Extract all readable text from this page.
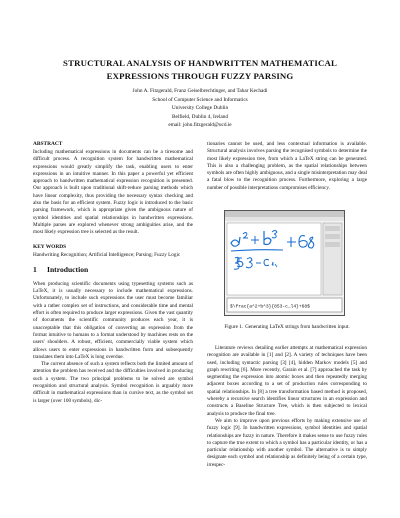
STRUCTURAL ANALYSIS OF HANDWRITTEN MATHEMATICAL
EXPRESSIONS THROUGH FUZZY PARSING
John A. Fitzgerald, Franz Geiselbrechtinger, and Tahar Kechadi
School of Computer Science and Informatics
University College Dublin
Belfield, Dublin 4, Ireland
email: john.fitzgerald@ucd.ie
ABSTRACT

Including mathematical expressions in documents can be a tiresome and difficult process. A recognition system for handwritten mathematical expressions would greatly simplify the task, enabling users to enter expressions in an intuitive manner. In this paper a powerful yet efficient approach to handwritten mathematical expression recognition is presented. Our approach is built upon traditional shift-reduce parsing methods which have linear complexity, thus providing the necessary syntax checking and also the basis for an efficient system. Fuzzy logic is introduced to the basic parsing framework, which is appropriate given the ambiguous nature of symbol identities and spatial relationships in handwritten expressions. Multiple parses are explored whenever strong ambiguities arise, and the most likely expression tree is selected as the result.

KEY WORDS

Handwriting Recognition; Artificial Intelligence; Parsing; Fuzzy Logic

1 Introduction

When producing scientific documents using typesetting systems such as LaTeX, it is usually necessary to include mathematical expressions. Unfortunately, to include such expressions the user must become familiar with a rather complex set of instructions, and considerable time and mental effort is often required to produce larger expressions. Given the vast quantity of documents the scientific community produces each year, it is unacceptable that this obligation of converting an expression from the format intuitive to humans to a format understood by machines rests on the users' shoulders. A robust, efficient, commercially viable system which allows users to enter expressions in handwritten form and subsequently translates them into LaTeX is long overdue.

The current absence of such a system reflects both the limited amount of attention the problem has received and the difficulties involved in producing such a system. The two principal problems to be solved are symbol recognition and structural analysis. Symbol recognition is arguably more difficult in mathematical expressions than in cursive text, as the symbol set is larger (over 100 symbols), dic-

tionaries cannot be used, and less contextual information is available. Structural analysis involves parsing the recognised symbols to determine the most likely expression tree, from which a LaTeX string can be generated. This is also a challenging problem, as the spatial relationships between symbols are often highly ambiguous, and a single misinterpretation may deal a fatal blow to the recognition process. Furthermore, exploring a large number of possible interpretations compromises efficiency.

$\frac{a^2+b^3}{853-c_l4}+68$
Figure 1. Generating LaTeX strings from handwritten input.

Literature reviews detailing earlier attempts at mathematical expression recognition are available in [1] and [2]. A variety of techniques have been used, including syntactic parsing [3] [4], hidden Markov models [5] and graph rewriting [6]. More recently, Garain et al. [7] approached the task by segmenting the expression into atomic boxes and then repeatedly merging adjacent boxes according to a set of production rules corresponding to spatial relationships. In [8] a tree transformation based method is proposed, whereby a recursive search identifies linear structures in an expression and constructs a Baseline Structure Tree, which is then subjected to lexical analysis to produce the final tree.

We aim to improve upon previous efforts by making extensive use of fuzzy logic [9]. In handwritten expressions, symbol identities and spatial relationships are fuzzy in nature. Therefore it makes sense to use fuzzy rules to capture the true extent to which a symbol has a particular identity, or has a particular relationship with another symbol. The alternative is to simply designate each symbol and relationship as definitely being of a certain type, irrespec-
